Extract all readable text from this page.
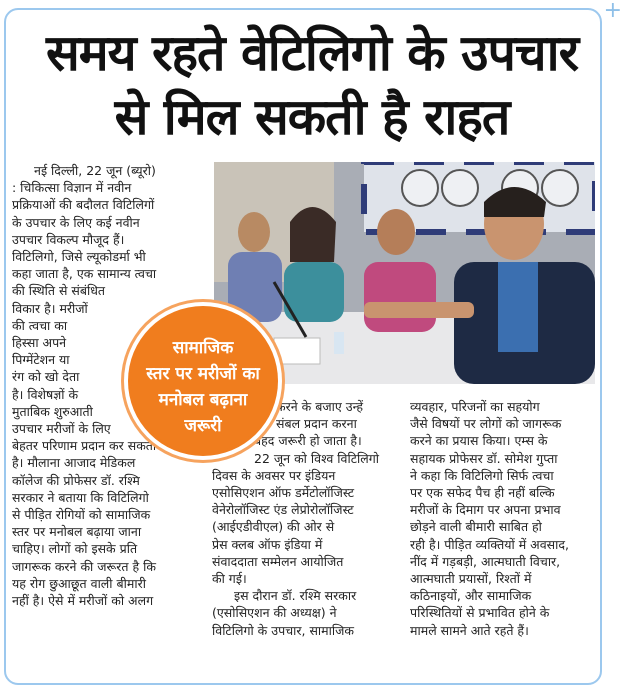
+
समय रहते वेटिलिगो के उपचार
से मिल सकती है राहत
नई दिल्ली, 22 जून (ब्यूरो)
: चिकित्सा विज्ञान में नवीन
प्रक्रियाओं की बदौलत विटिलिगों
के उपचार के लिए कई नवीन
उपचार विकल्प मौजूद हैं।
विटिलिगो, जिसे ल्यूकोडर्मा भी
कहा जाता है, एक सामान्य त्वचा
की स्थिति से संबंधित
विकार है। मरीजों
की त्वचा का
हिस्सा अपने
पिग्मेंटेशन या
रंग को खो देता
है। विशेषज्ञों के
मुताबिक शुरुआती
उपचार मरीजों के लिए
बेहतर परिणाम प्रदान कर सकती
है। मौलाना आजाद मेडिकल
कॉलेज की प्रोफेसर डॉ. रश्मि
सरकार ने बताया कि विटिलिगो
से पीड़ित रोगियों को सामाजिक
स्तर पर मनोबल बढ़ाया जाना
चाहिए। लोगों को इसके प्रति
जागरूक करने की जरूरत है कि
यह रोग छुआछूत वाली बीमारी
नहीं है। ऐसे में मरीजों को अलग
करने के बजाए उन्हें
संबल प्रदान करना
बेहद जरूरी हो जाता है।
22 जून को विश्व विटिलिगो
दिवस के अवसर पर इंडियन
एसोसिएशन ऑफ डर्मेटोलॉजिस्ट
वेनेरोलॉजिस्ट एंड लेप्रोरोलॉजिस्ट
(आईएडीवीएल) की ओर से
प्रेस क्लब ऑफ इंडिया में
संवाददाता सम्मेलन आयोजित
की गई।
इस दौरान डॉ. रश्मि सरकार
(एसोसिएशन की अध्यक्ष) ने
विटिलिगो के उपचार, सामाजिक
व्यवहार, परिजनों का सहयोग
जैसे विषयों पर लोगों को जागरूक
करने का प्रयास किया। एम्स के
सहायक प्रोफेसर डॉ. सोमेश गुप्ता
ने कहा कि विटिलिगो सिर्फ त्वचा
पर एक सफेद पैच ही नहीं बल्कि
मरीजों के दिमाग पर अपना प्रभाव
छोड़ने वाली बीमारी साबित हो
रही है। पीड़ित व्यक्तियों में अवसाद,
नींद में गड़बड़ी, आत्मघाती विचार,
आत्मघाती प्रयासों, रिश्तों में
कठिनाइयों, और सामाजिक
परिस्थितियों से प्रभावित होने के
मामले सामने आते रहते हैं।
सामाजिक
स्तर पर मरीजों का
मनोबल बढ़ाना
जरूरी
